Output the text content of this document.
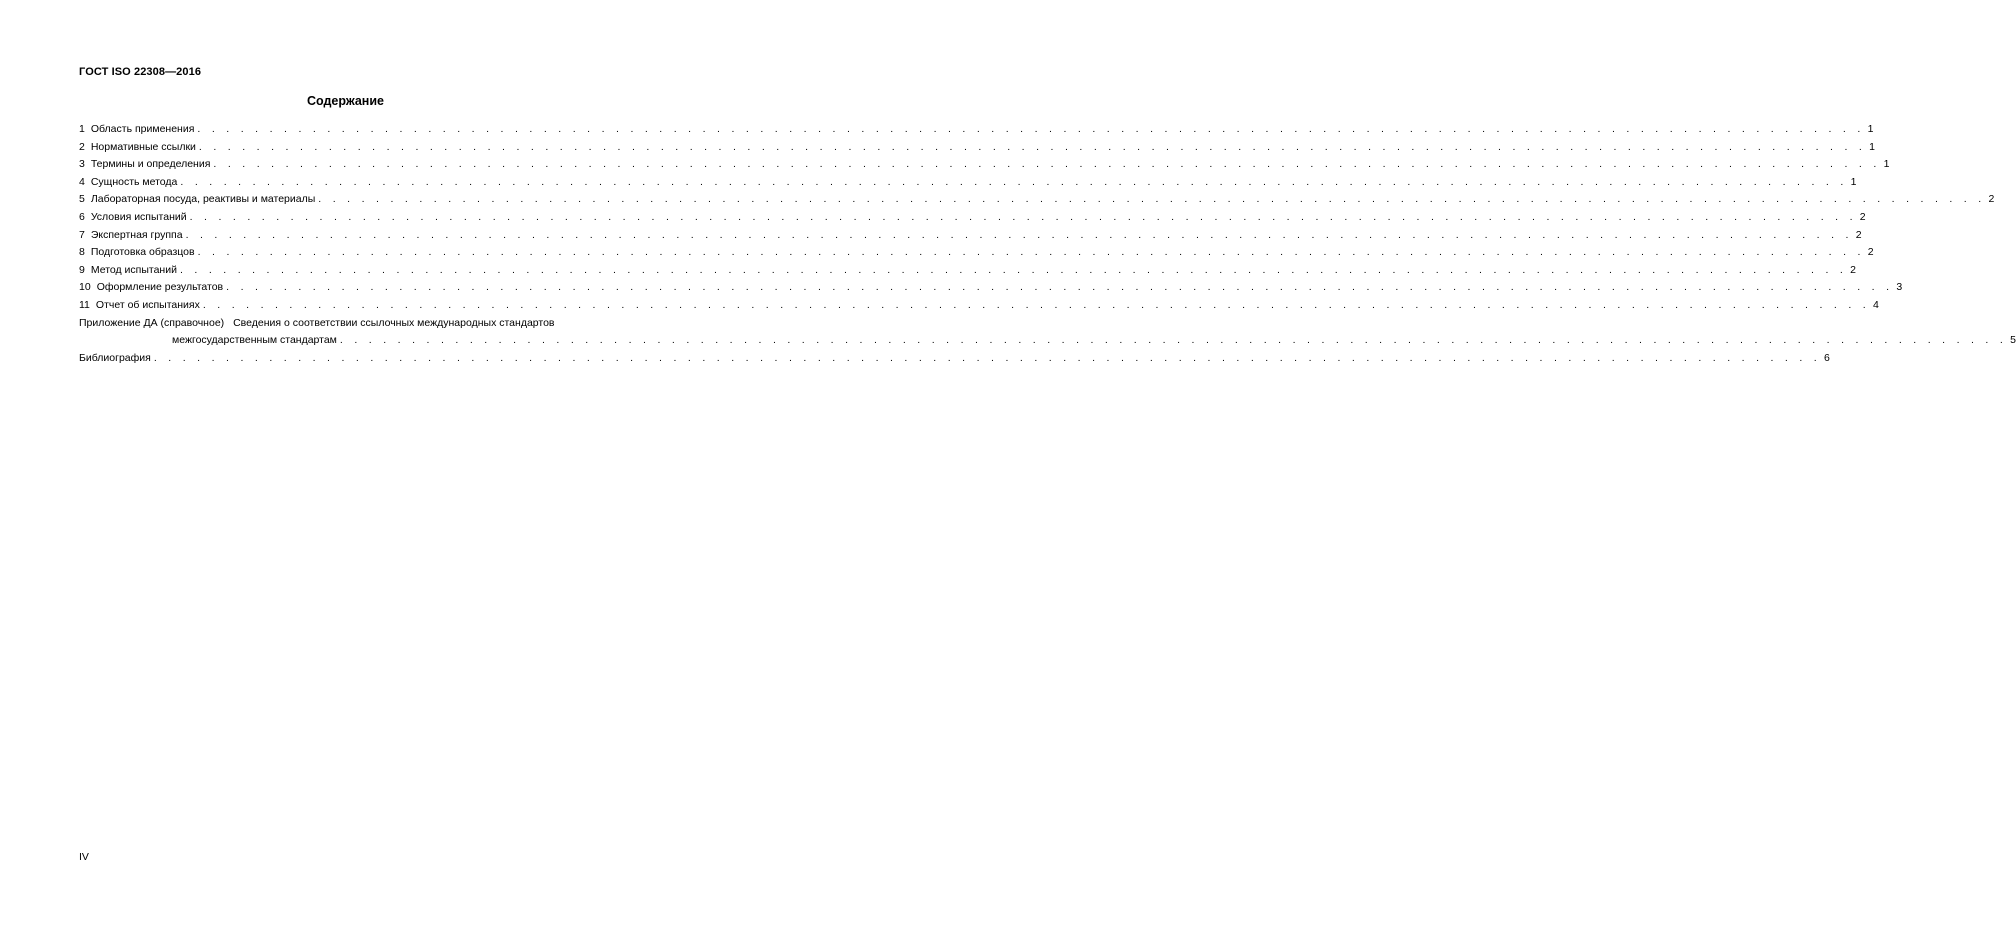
ГОСТ ISO 22308—2016
Содержание
1 Область применения . . . . . . . . . . . . . . . . . . . . . . . . . . . . . . . . . . . . . . . . . . . . . . . . . . . . . . . . . . . . . . . . . . . . . . . . . . . . . . . . . . . . . . . . . . . . . . . . . . . . . . . . . . . . . . . . . . . . 1
2 Нормативные ссылки . . . . . . . . . . . . . . . . . . . . . . . . . . . . . . . . . . . . . . . . . . . . . . . . . . . . . . . . . . . . . . . . . . . . . . . . . . . . . . . . . . . . . . . . . . . . . . . . . . . . . . . . . . . . . . . . . . . . 1
3 Термины и определения . . . . . . . . . . . . . . . . . . . . . . . . . . . . . . . . . . . . . . . . . . . . . . . . . . . . . . . . . . . . . . . . . . . . . . . . . . . . . . . . . . . . . . . . . . . . . . . . . . . . . . . . . . . . . . . . . . . . 1
4 Сущность метода . . . . . . . . . . . . . . . . . . . . . . . . . . . . . . . . . . . . . . . . . . . . . . . . . . . . . . . . . . . . . . . . . . . . . . . . . . . . . . . . . . . . . . . . . . . . . . . . . . . . . . . . . . . . . . . . . . . . 1
5 Лабораторная посуда, реактивы и материалы . . . . . . . . . . . . . . . . . . . . . . . . . . . . . . . . . . . . . . . . . . . . . . . . . . . . . . . . . . . . . . . . . . . . . . . . . . . . . . . . . . . . . . . . . . . . . . . . . . . . . . . . . . . . . . . . . . . . 2
6 Условия испытаний . . . . . . . . . . . . . . . . . . . . . . . . . . . . . . . . . . . . . . . . . . . . . . . . . . . . . . . . . . . . . . . . . . . . . . . . . . . . . . . . . . . . . . . . . . . . . . . . . . . . . . . . . . . . . . . . . . . . 2
7 Экспертная группа . . . . . . . . . . . . . . . . . . . . . . . . . . . . . . . . . . . . . . . . . . . . . . . . . . . . . . . . . . . . . . . . . . . . . . . . . . . . . . . . . . . . . . . . . . . . . . . . . . . . . . . . . . . . . . . . . . . . 2
8 Подготовка образцов . . . . . . . . . . . . . . . . . . . . . . . . . . . . . . . . . . . . . . . . . . . . . . . . . . . . . . . . . . . . . . . . . . . . . . . . . . . . . . . . . . . . . . . . . . . . . . . . . . . . . . . . . . . . . . . . . . . . 2
9 Метод испытаний . . . . . . . . . . . . . . . . . . . . . . . . . . . . . . . . . . . . . . . . . . . . . . . . . . . . . . . . . . . . . . . . . . . . . . . . . . . . . . . . . . . . . . . . . . . . . . . . . . . . . . . . . . . . . . . . . . . . 2
10 Оформление результатов . . . . . . . . . . . . . . . . . . . . . . . . . . . . . . . . . . . . . . . . . . . . . . . . . . . . . . . . . . . . . . . . . . . . . . . . . . . . . . . . . . . . . . . . . . . . . . . . . . . . . . . . . . . . . . . . . . . . 3
11 Отчет об испытаниях . . . . . . . . . . . . . . . . . . . . . . . . . . . . . . . . . . . . . . . . . . . . . . . . . . . . . . . . . . . . . . . . . . . . . . . . . . . . . . . . . . . . . . . . . . . . . . . . . . . . . . . . . . . . . . . . . . . . 4
Приложение ДА (справочное) Сведения о соответствии ссылочных международных стандартов
межгосударственным стандартам . . . . . . . . . . . . . . . . . . . . . . . . . . . . . . . . . . . . . . . . . . . . . . . . . . . . . . . . . . . . . . . . . . . . . . . . . . . . . . . . . . . . . . . . . . . . . . . . . . . . . . . . . . . . . . . . . . . . 5
Библиография . . . . . . . . . . . . . . . . . . . . . . . . . . . . . . . . . . . . . . . . . . . . . . . . . . . . . . . . . . . . . . . . . . . . . . . . . . . . . . . . . . . . . . . . . . . . . . . . . . . . . . . . . . . . . . . . . . . . 6
IV
